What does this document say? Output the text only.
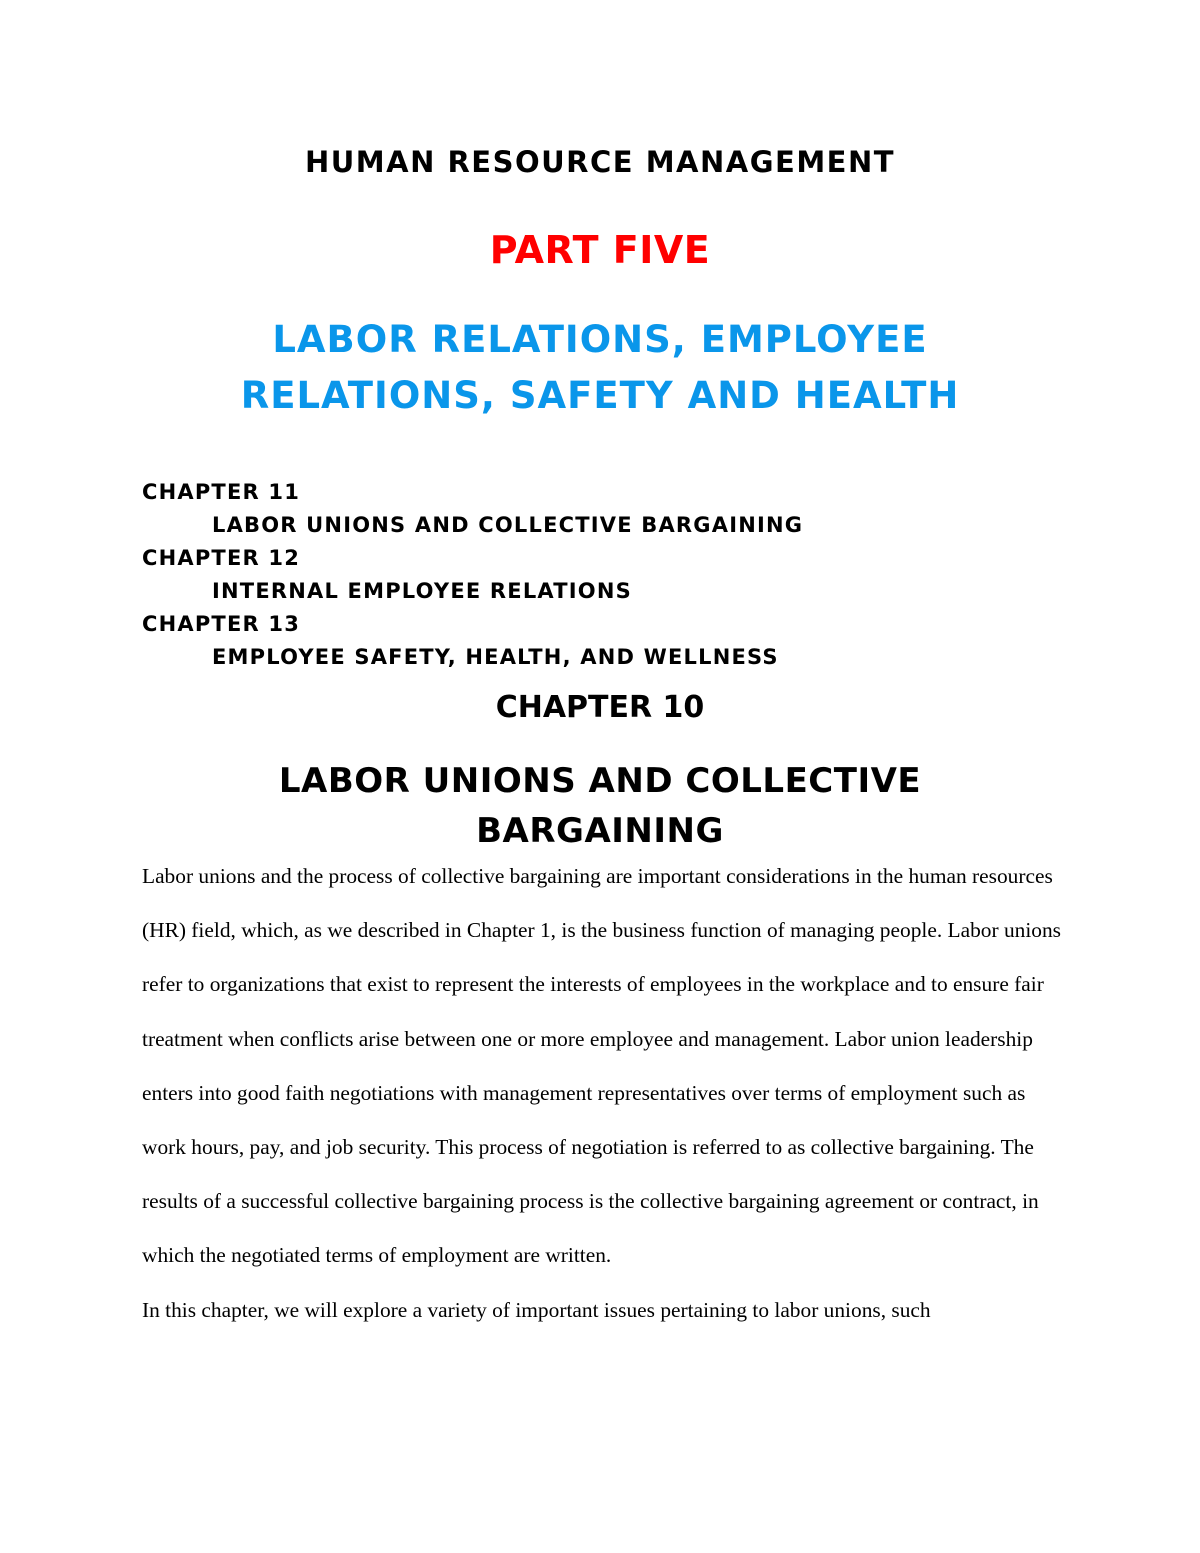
HUMAN RESOURCE MANAGEMENT
PART FIVE
LABOR RELATIONS, EMPLOYEE
RELATIONS, SAFETY AND HEALTH
CHAPTER 11
LABOR UNIONS AND COLLECTIVE BARGAINING
CHAPTER 12
INTERNAL EMPLOYEE RELATIONS
CHAPTER 13
EMPLOYEE SAFETY, HEALTH, AND WELLNESS
CHAPTER 10
LABOR UNIONS AND COLLECTIVE
BARGAINING

Labor unions and the process of collective bargaining are important considerations in the human resources (HR) field, which, as we described in Chapter 1, is the business function of managing people. Labor unions refer to organizations that exist to represent the interests of employees in the workplace and to ensure fair treatment when conflicts arise between one or more employee and management. Labor union leadership enters into good faith negotiations with management representatives over terms of employment such as work hours, pay, and job security. This process of negotiation is referred to as collective bargaining. The results of a successful collective bargaining process is the collective bargaining agreement or contract, in which the negotiated terms of employment are written.

In this chapter, we will explore a variety of important issues pertaining to labor unions, such
